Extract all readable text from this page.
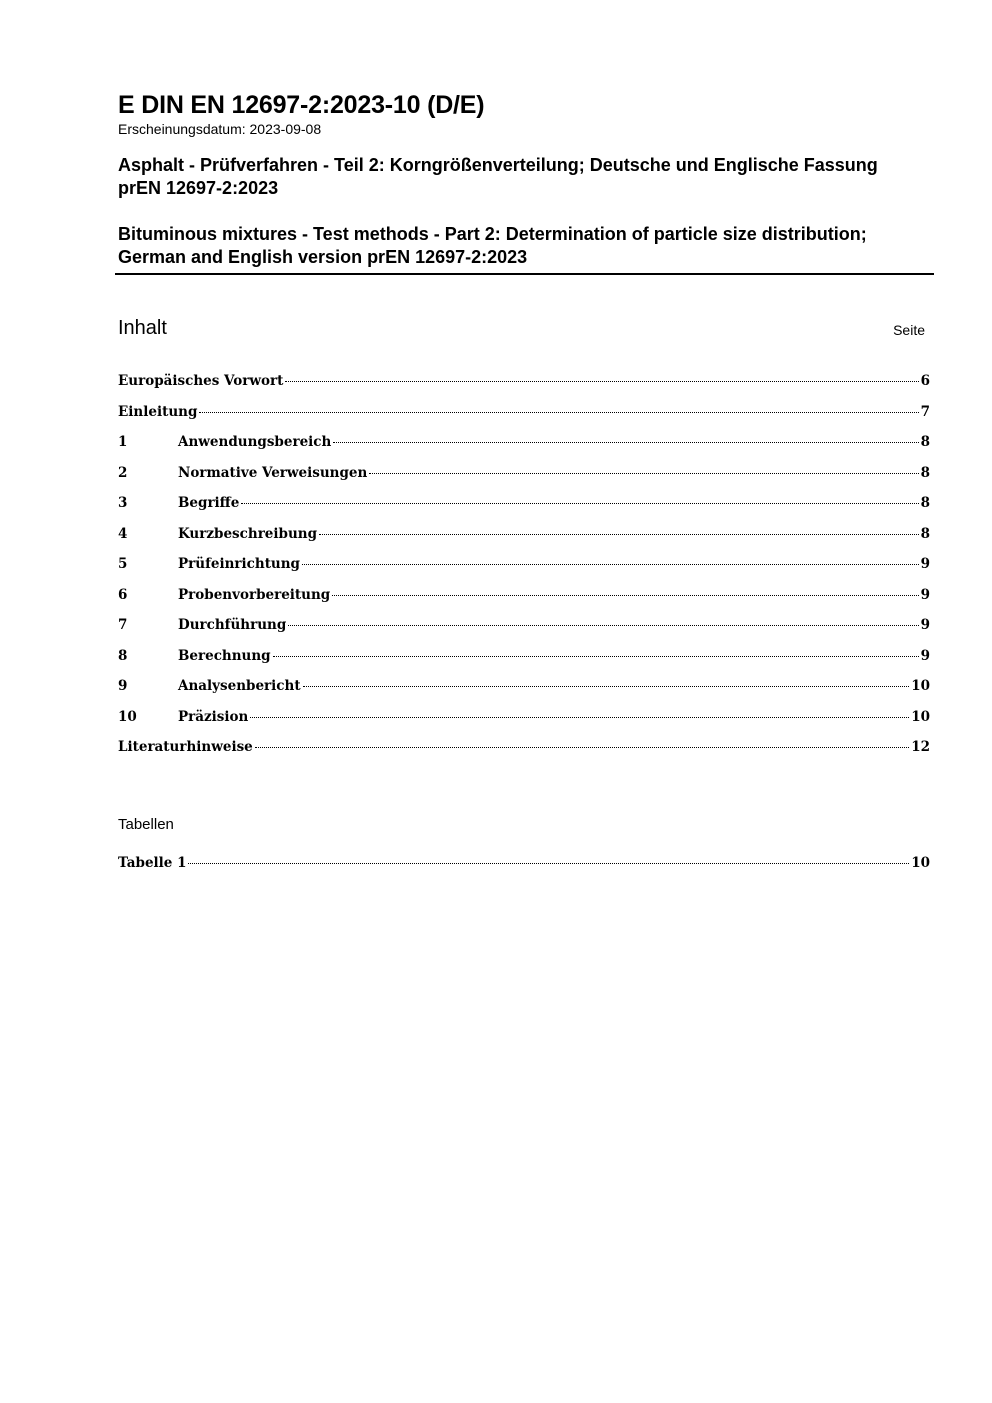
E DIN EN 12697-2:2023-10 (D/E)

Erscheinungsdatum: 2023-09-08

Asphalt - Prüfverfahren - Teil 2: Korngrößenverteilung; Deutsche und Englische Fassung prEN 12697-2:2023

Bituminous mixtures - Test methods - Part 2: Determination of particle size distribution; German and English version prEN 12697-2:2023

Inhalt	Seite
Europäisches Vorwort	6
Einleitung	7
1	Anwendungsbereich	8
2	Normative Verweisungen	8
3	Begriffe	8
4	Kurzbeschreibung	8
5	Prüfeinrichtung	9
6	Probenvorbereitung	9
7	Durchführung	9
8	Berechnung	9
9	Analysenbericht	10
10	Präzision	10
Literaturhinweise	12
Tabellen
Tabelle 1	10
